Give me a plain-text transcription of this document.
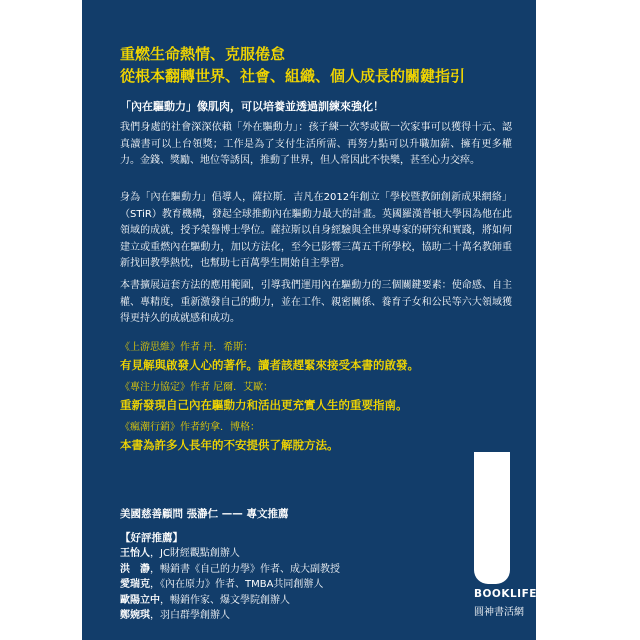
重燃生命熱情、克服倦怠
從根本翻轉世界、社會、組織、個人成長的關鍵指引
「內在驅動力」像肌肉，可以培養並透過訓練來強化！
我們身處的社會深深依賴「外在驅動力」：孩子練一次琴或做一次家事可以獲得十元、認真讀書可以上台領獎；工作是為了支付生活所需、再努力點可以升職加薪、擁有更多權力。金錢、獎勵、地位等誘因，推動了世界，但人常因此不快樂，甚至心力交瘁。
身為「內在驅動力」倡導人，薩拉斯．吉凡在2012年創立「學校暨教師創新成果網絡」（STiR）教育機構，發起全球推動內在驅動力最大的計畫。英國羅漢普頓大學因為他在此領域的成就，授予榮譽博士學位。薩拉斯以自身經驗與全世界專家的研究和實踐，將如何建立或重燃內在驅動力，加以方法化，至今已影響三萬五千所學校，協助二十萬名教師重新找回教學熱忱，也幫助七百萬學生開始自主學習。
本書擴展這套方法的應用範圍，引導我們運用內在驅動力的三個關鍵要素：使命感、自主權、專精度，重新激發自己的動力，並在工作、親密關係、養育子女和公民等六大領域獲得更持久的成就感和成功。
《上游思維》作者 丹．希斯：
有見解與啟發人心的著作。讀者該趕緊來接受本書的啟發。
《專注力協定》作者 尼爾．艾歐：
重新發現自己內在驅動力和活出更充實人生的重要指南。
《瘋潮行銷》作者約拿．博格：
本書為許多人長年的不安提供了解脫方法。
美國慈善顧問 張瀞仁 —— 專文推薦
【好評推薦】
王怡人，JC財經觀點創辦人
洪　瀞，暢銷書《自己的力學》作者、成大副教授
愛瑞克，《內在原力》作者、TMBA共同創辦人
歐陽立中，暢銷作家、爆文學院創辦人
鄭婉琪，羽白群學創辦人
BOOKLIFE
圓神書活網
